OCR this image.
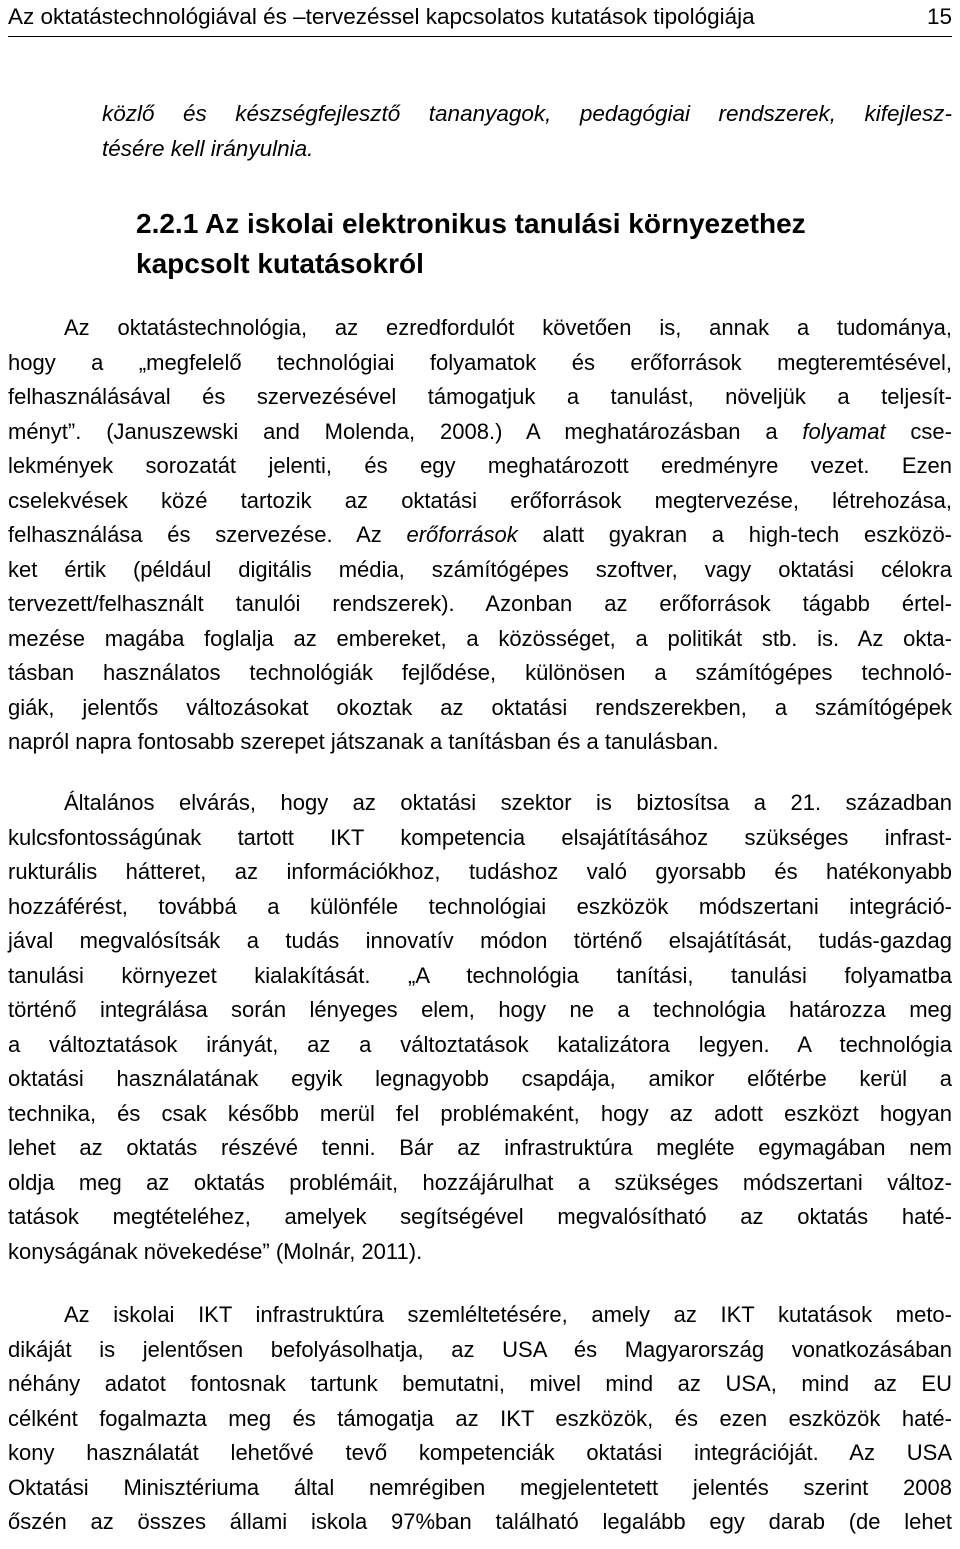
Az oktatástechnológiával és –tervezéssel kapcsolatos kutatások tipológiája	15
közlő és készségfejlesztő tananyagok, pedagógiai rendszerek, kifejlesz-
tésére kell irányulnia.
2.2.1 Az iskolai elektronikus tanulási környezethez
kapcsolt kutatásokról
Az oktatástechnológia, az ezredfordulót követően is, annak a tudománya,
hogy a „megfelelő technológiai folyamatok és erőforrások megteremtésével,
felhasználásával és szervezésével támogatjuk a tanulást, növeljük a teljesít-
ményt”. (Januszewski and Molenda, 2008.) A meghatározásban a folyamat cse-
lekmények sorozatát jelenti, és egy meghatározott eredményre vezet. Ezen
cselekvések közé tartozik az oktatási erőforrások megtervezése, létrehozása,
felhasználása és szervezése. Az erőforrások alatt gyakran a high-tech eszközö-
ket értik (például digitális média, számítógépes szoftver, vagy oktatási célokra
tervezett/felhasznált tanulói rendszerek). Azonban az erőforrások tágabb értel-
mezése magába foglalja az embereket, a közösséget, a politikát stb. is. Az okta-
tásban használatos technológiák fejlődése, különösen a számítógépes technoló-
giák, jelentős változásokat okoztak az oktatási rendszerekben, a számítógépek
napról napra fontosabb szerepet játszanak a tanításban és a tanulásban.
Általános elvárás, hogy az oktatási szektor is biztosítsa a 21. században
kulcsfontosságúnak tartott IKT kompetencia elsajátításához szükséges infrast-
rukturális hátteret, az információkhoz, tudáshoz való gyorsabb és hatékonyabb
hozzáférést, továbbá a különféle technológiai eszközök módszertani integráció-
jával megvalósítsák a tudás innovatív módon történő elsajátítását, tudás-gazdag
tanulási környezet kialakítását. „A technológia tanítási, tanulási folyamatba
történő integrálása során lényeges elem, hogy ne a technológia határozza meg
a változtatások irányát, az a változtatások katalizátora legyen. A technológia
oktatási használatának egyik legnagyobb csapdája, amikor előtérbe kerül a
technika, és csak később merül fel problémaként, hogy az adott eszközt hogyan
lehet az oktatás részévé tenni. Bár az infrastruktúra megléte egymagában nem
oldja meg az oktatás problémáit, hozzájárulhat a szükséges módszertani változ-
tatások megtételéhez, amelyek segítségével megvalósítható az oktatás haté-
konyságának növekedése” (Molnár, 2011).
Az iskolai IKT infrastruktúra szemléltetésére, amely az IKT kutatások meto-
dikáját is jelentősen befolyásolhatja, az USA és Magyarország vonatkozásában
néhány adatot fontosnak tartunk bemutatni, mivel mind az USA, mind az EU
célként fogalmazta meg és támogatja az IKT eszközök, és ezen eszközök haté-
kony használatát lehetővé tevő kompetenciák oktatási integrációját. Az USA
Oktatási Minisztériuma által nemrégiben megjelentetett jelentés szerint 2008
őszén az összes állami iskola 97%ban található legalább egy darab (de lehet
